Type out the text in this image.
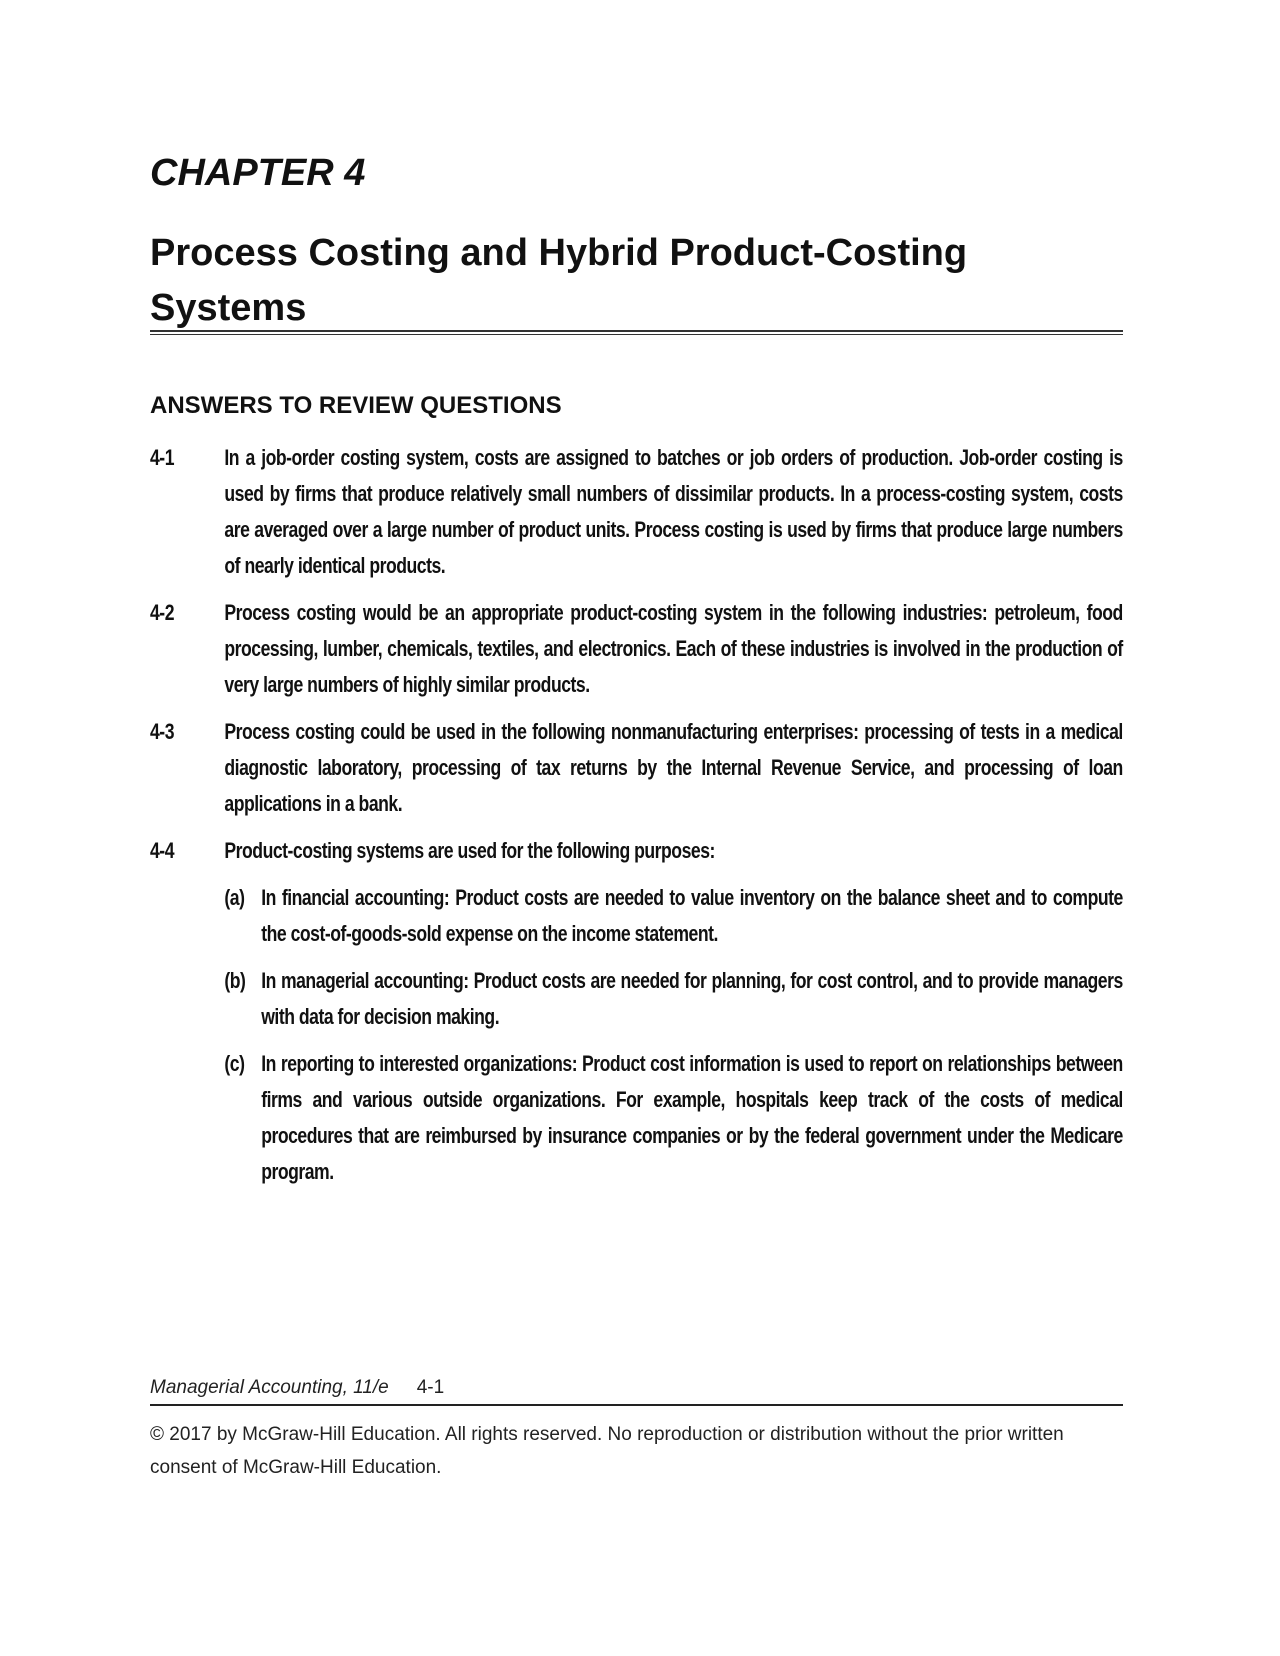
CHAPTER 4
Process Costing and Hybrid Product-Costing Systems
ANSWERS TO REVIEW QUESTIONS
4-1	In a job-order costing system, costs are assigned to batches or job orders of production. Job-order costing is used by firms that produce relatively small numbers of dissimilar products. In a process-costing system, costs are averaged over a large number of product units. Process costing is used by firms that produce large numbers of nearly identical products.

4-2	Process costing would be an appropriate product-costing system in the following industries: petroleum, food processing, lumber, chemicals, textiles, and electronics. Each of these industries is involved in the production of very large numbers of highly similar products.

4-3	Process costing could be used in the following nonmanufacturing enterprises: processing of tests in a medical diagnostic laboratory, processing of tax returns by the Internal Revenue Service, and processing of loan applications in a bank.

4-4	Product-costing systems are used for the following purposes:

(a) In financial accounting: Product costs are needed to value inventory on the balance sheet and to compute the cost-of-goods-sold expense on the income statement.
(b) In managerial accounting: Product costs are needed for planning, for cost control, and to provide managers with data for decision making.
(c) In reporting to interested organizations: Product cost information is used to report on relationships between firms and various outside organizations. For example, hospitals keep track of the costs of medical procedures that are reimbursed by insurance companies or by the federal government under the Medicare program.
Managerial Accounting, 11/e 4-1
© 2017 by McGraw-Hill Education. All rights reserved. No reproduction or distribution without the prior written consent of McGraw-Hill Education.
